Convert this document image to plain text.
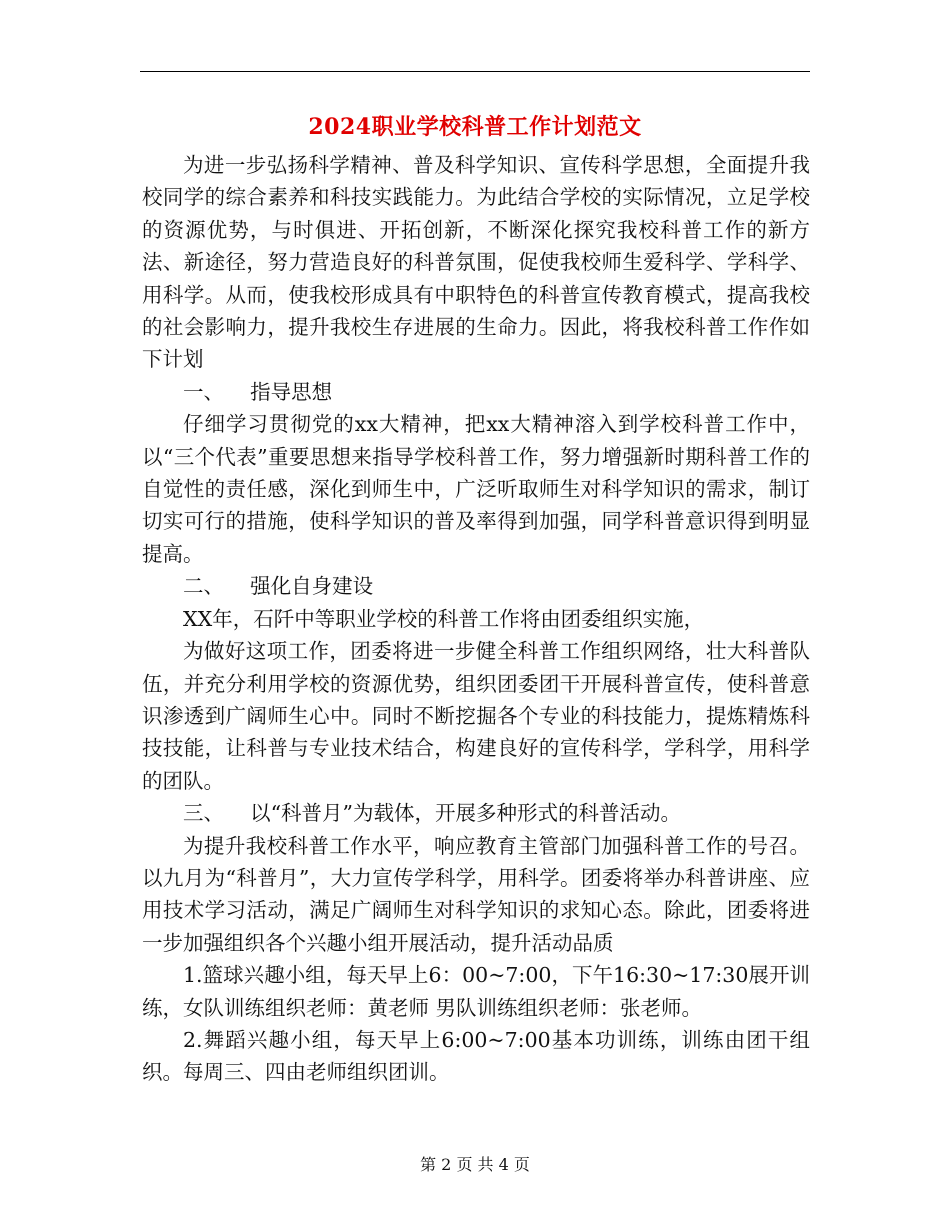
2024职业学校科普工作计划范文

为进一步弘扬科学精神、普及科学知识、宣传科学思想，全面提升我校同学的综合素养和科技实践能力。为此结合学校的实际情况，立足学校的资源优势，与时俱进、开拓创新，不断深化探究我校科普工作的新方法、新途径，努力营造良好的科普氛围，促使我校师生爱科学、学科学、用科学。从而，使我校形成具有中职特色的科普宣传教育模式，提高我校的社会影响力，提升我校生存进展的生命力。因此，将我校科普工作作如下计划

一、    指导思想

仔细学习贯彻党的xx大精神，把xx大精神溶入到学校科普工作中，以“三个代表”重要思想来指导学校科普工作，努力增强新时期科普工作的自觉性的责任感，深化到师生中，广泛听取师生对科学知识的需求，制订切实可行的措施，使科学知识的普及率得到加强，同学科普意识得到明显提高。

二、    强化自身建设

XX年，石阡中等职业学校的科普工作将由团委组织实施，

为做好这项工作，团委将进一步健全科普工作组织网络，壮大科普队伍，并充分利用学校的资源优势，组织团委团干开展科普宣传，使科普意识渗透到广阔师生心中。同时不断挖掘各个专业的科技能力，提炼精炼科技技能，让科普与专业技术结合，构建良好的宣传科学，学科学，用科学的团队。

三、    以“科普月”为载体，开展多种形式的科普活动。

为提升我校科普工作水平，响应教育主管部门加强科普工作的号召。 以九月为“科普月”，大力宣传学科学，用科学。团委将举办科普讲座、应用技术学习活动，满足广阔师生对科学知识的求知心态。除此，团委将进一步加强组织各个兴趣小组开展活动，提升活动品质

1.篮球兴趣小组，每天早上6：00~7:00，下午16:30~17:30展开训练，女队训练组织老师：黄老师 男队训练组织老师：张老师。

2.舞蹈兴趣小组，每天早上6:00~7:00基本功训练，训练由团干组织。每周三、四由老师组织团训。

第 2 页 共 4 页
